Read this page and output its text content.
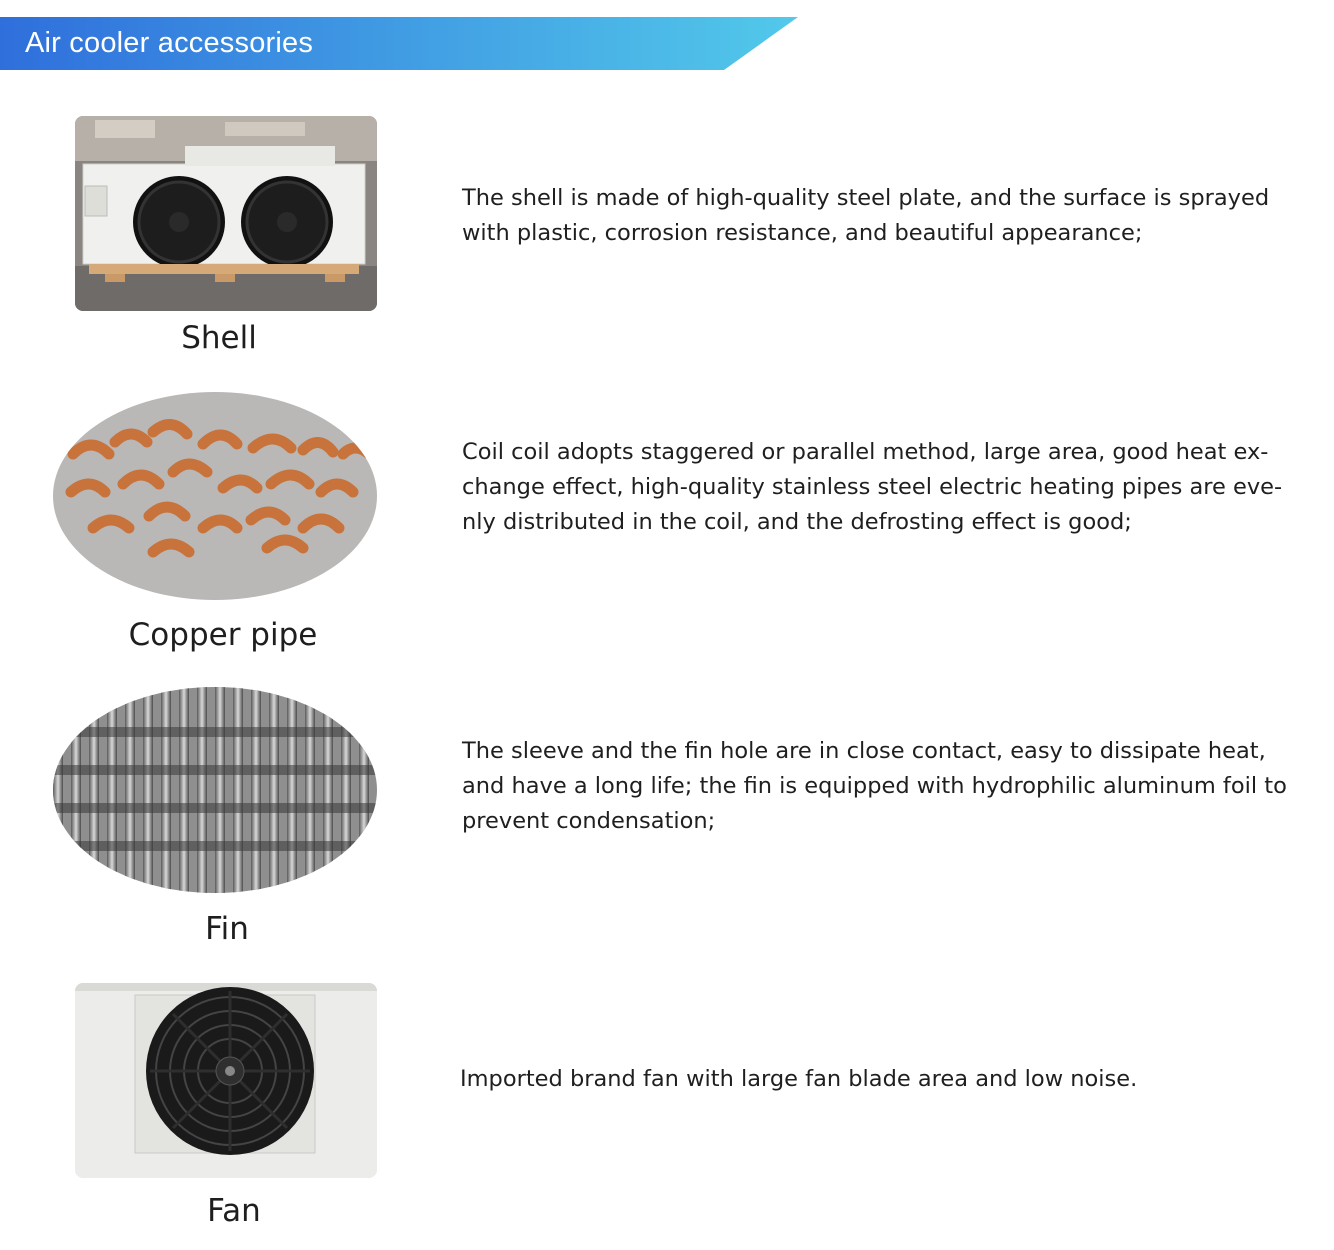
Air cooler accessories
Shell

The shell is made of high-quality steel plate, and the surface is sprayed
with plastic, corrosion resistance, and beautiful appearance;

Copper pipe

Coil coil adopts staggered or parallel method, large area, good heat ex-
change effect, high-quality stainless steel electric heating pipes are eve-
nly distributed in the coil, and the defrosting effect is good;

Fin

The sleeve and the fin hole are in close contact, easy to dissipate heat,
and have a long life; the fin is equipped with hydrophilic aluminum foil to
prevent condensation;

Fan

Imported brand fan with large fan blade area and low noise.
